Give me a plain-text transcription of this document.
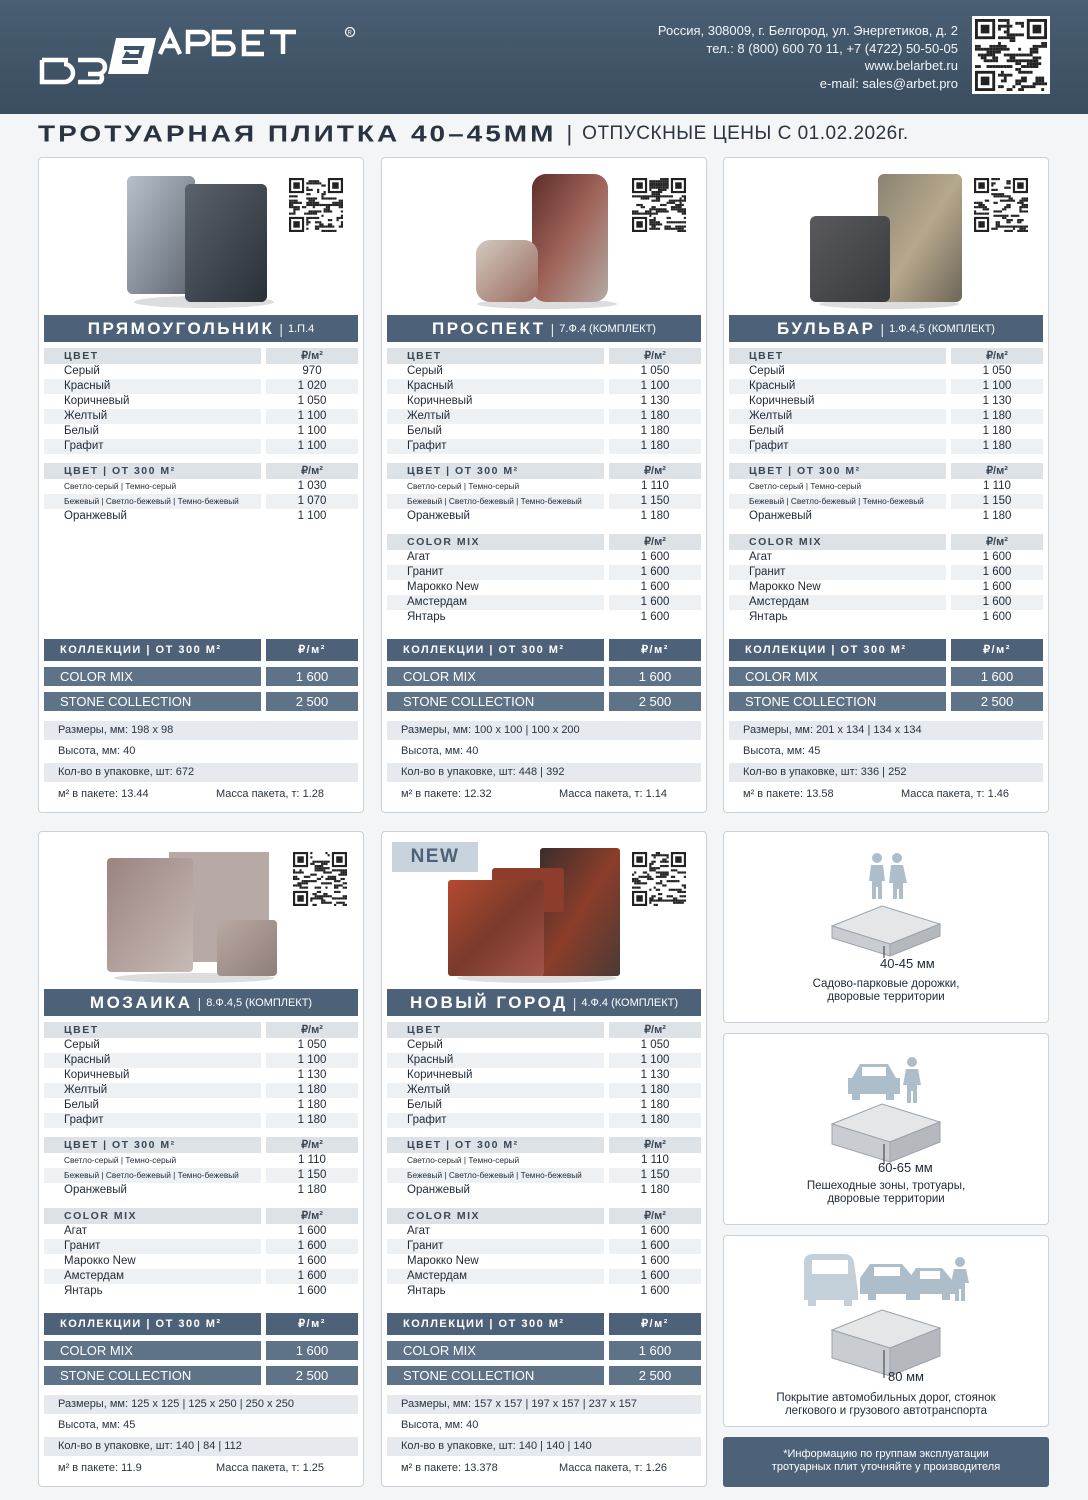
R	Россия, 308009, г. Белгород, ул. Энергетиков, д. 2
тел.: 8 (800) 600 70 11, +7 (4722) 50-50-05
www.belarbet.ru
e-mail: sales@arbet.pro
ТРОТУАРНАЯ ПЛИТКА 40–45ММ | ОТПУСКНЫЕ ЦЕНЫ С 01.02.2026г.
ПРЯМОУГОЛЬНИК | 1.П.4
ЦВЕТ	₽/м²
Серый	970
Красный	1 020
Коричневый	1 050
Желтый	1 100
Белый	1 100
Графит	1 100
ЦВЕТ | ОТ 300 М²	₽/м²
Светло-серый | Темно-серый	1 030
Бежевый | Светло-бежевый | Темно-бежевый	1 070
Оранжевый	1 100
КОЛЛЕКЦИИ | ОТ 300 М²	₽/м²
COLOR MIX	1 600
STONE COLLECTION	2 500
Размеры, мм: 198 x 98
Высота, мм: 40
Кол-во в упаковке, шт: 672
м² в пакете: 13.44	Масса пакета, т: 1.28
ПРОСПЕКТ | 7.Ф.4 (КОМПЛЕКТ)
ЦВЕТ	₽/м²
Серый	1 050
Красный	1 100
Коричневый	1 130
Желтый	1 180
Белый	1 180
Графит	1 180
ЦВЕТ | ОТ 300 М²	₽/м²
Светло-серый | Темно-серый	1 110
Бежевый | Светло-бежевый | Темно-бежевый	1 150
Оранжевый	1 180
COLOR MIX	₽/м²
Агат	1 600
Гранит	1 600
Марокко New	1 600
Амстердам	1 600
Янтарь	1 600
КОЛЛЕКЦИИ | ОТ 300 М²	₽/м²
COLOR MIX	1 600
STONE COLLECTION	2 500
Размеры, мм: 100 x 100 | 100 x 200
Высота, мм: 40
Кол-во в упаковке, шт: 448 | 392
м² в пакете: 12.32	Масса пакета, т: 1.14
БУЛЬВАР | 1.Ф.4,5 (КОМПЛЕКТ)
ЦВЕТ	₽/м²
Серый	1 050
Красный	1 100
Коричневый	1 130
Желтый	1 180
Белый	1 180
Графит	1 180
ЦВЕТ | ОТ 300 М²	₽/м²
Светло-серый | Темно-серый	1 110
Бежевый | Светло-бежевый | Темно-бежевый	1 150
Оранжевый	1 180
COLOR MIX	₽/м²
Агат	1 600
Гранит	1 600
Марокко New	1 600
Амстердам	1 600
Янтарь	1 600
КОЛЛЕКЦИИ | ОТ 300 М²	₽/м²
COLOR MIX	1 600
STONE COLLECTION	2 500
Размеры, мм: 201 x 134 | 134 x 134
Высота, мм: 45
Кол-во в упаковке, шт: 336 | 252
м² в пакете: 13.58	Масса пакета, т: 1.46
МОЗАИКА | 8.Ф.4,5 (КОМПЛЕКТ)
ЦВЕТ	₽/м²
Серый	1 050
Красный	1 100
Коричневый	1 130
Желтый	1 180
Белый	1 180
Графит	1 180
ЦВЕТ | ОТ 300 М²	₽/м²
Светло-серый | Темно-серый	1 110
Бежевый | Светло-бежевый | Темно-бежевый	1 150
Оранжевый	1 180
COLOR MIX	₽/м²
Агат	1 600
Гранит	1 600
Марокко New	1 600
Амстердам	1 600
Янтарь	1 600
КОЛЛЕКЦИИ | ОТ 300 М²	₽/м²
COLOR MIX	1 600
STONE COLLECTION	2 500
Размеры, мм: 125 x 125 | 125 x 250 | 250 x 250
Высота, мм: 45
Кол-во в упаковке, шт: 140 | 84 | 112
м² в пакете: 11.9	Масса пакета, т: 1.25
NEW
НОВЫЙ ГОРОД | 4.Ф.4 (КОМПЛЕКТ)
ЦВЕТ	₽/м²
Серый	1 050
Красный	1 100
Коричневый	1 130
Желтый	1 180
Белый	1 180
Графит	1 180
ЦВЕТ | ОТ 300 М²	₽/м²
Светло-серый | Темно-серый	1 110
Бежевый | Светло-бежевый | Темно-бежевый	1 150
Оранжевый	1 180
COLOR MIX	₽/м²
Агат	1 600
Гранит	1 600
Марокко New	1 600
Амстердам	1 600
Янтарь	1 600
КОЛЛЕКЦИИ | ОТ 300 М²	₽/м²
COLOR MIX	1 600
STONE COLLECTION	2 500
Размеры, мм: 157 x 157 | 197 x 157 | 237 x 157
Высота, мм: 40
Кол-во в упаковке, шт: 140 | 140 | 140
м² в пакете: 13.378	Масса пакета, т: 1.26
40-45 мм
Садово-парковые дорожки,
дворовые территории
60-65 мм
Пешеходные зоны, тротуары,
дворовые территории
80 мм
Покрытие автомобильных дорог, стоянок
легкового и грузового автотранспорта
*Информацию по группам эксплуатации
тротуарных плит уточняйте у производителя
